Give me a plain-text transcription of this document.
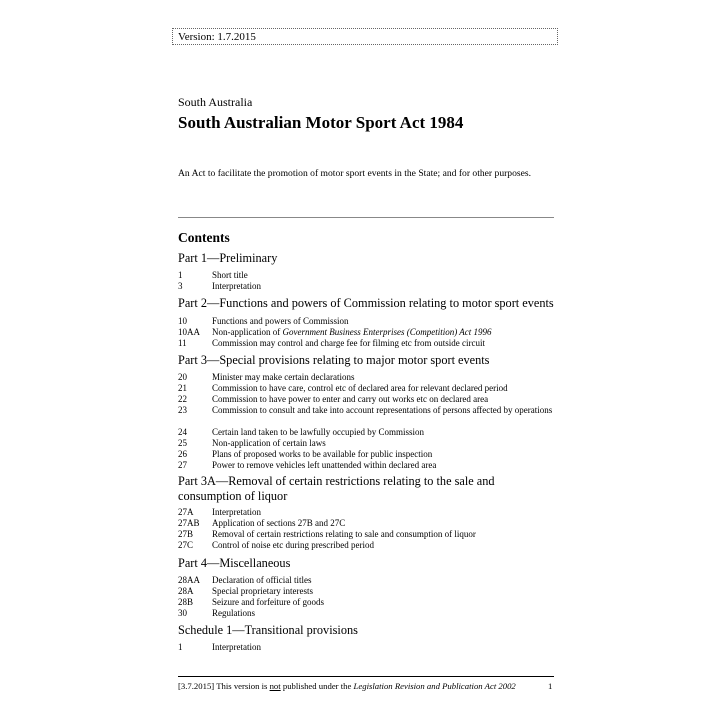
Version: 1.7.2015
South Australia
South Australian Motor Sport Act 1984
An Act to facilitate the promotion of motor sport events in the State; and for other purposes.
Contents
Part 1—Preliminary
1	Short title
3	Interpretation
Part 2—Functions and powers of Commission relating to motor sport events
10	Functions and powers of Commission
10AA Non-application of Government Business Enterprises (Competition) Act 1996
11	Commission may control and charge fee for filming etc from outside circuit
Part 3—Special provisions relating to major motor sport events
20	Minister may make certain declarations
21	Commission to have care, control etc of declared area for relevant declared period
22	Commission to have power to enter and carry out works etc on declared area
23	Commission to consult and take into account representations of persons affected by operations
24	Certain land taken to be lawfully occupied by Commission
25	Non-application of certain laws
26	Plans of proposed works to be available for public inspection
27	Power to remove vehicles left unattended within declared area
Part 3A—Removal of certain restrictions relating to the sale and consumption of liquor
27A Interpretation
27AB Application of sections 27B and 27C
27B Removal of certain restrictions relating to sale and consumption of liquor
27C Control of noise etc during prescribed period
Part 4—Miscellaneous
28AA Declaration of official titles
28A Special proprietary interests
28B Seizure and forfeiture of goods
30	Regulations
Schedule 1—Transitional provisions
1	Interpretation
[3.7.2015] This version is not published under the Legislation Revision and Publication Act 2002	1
